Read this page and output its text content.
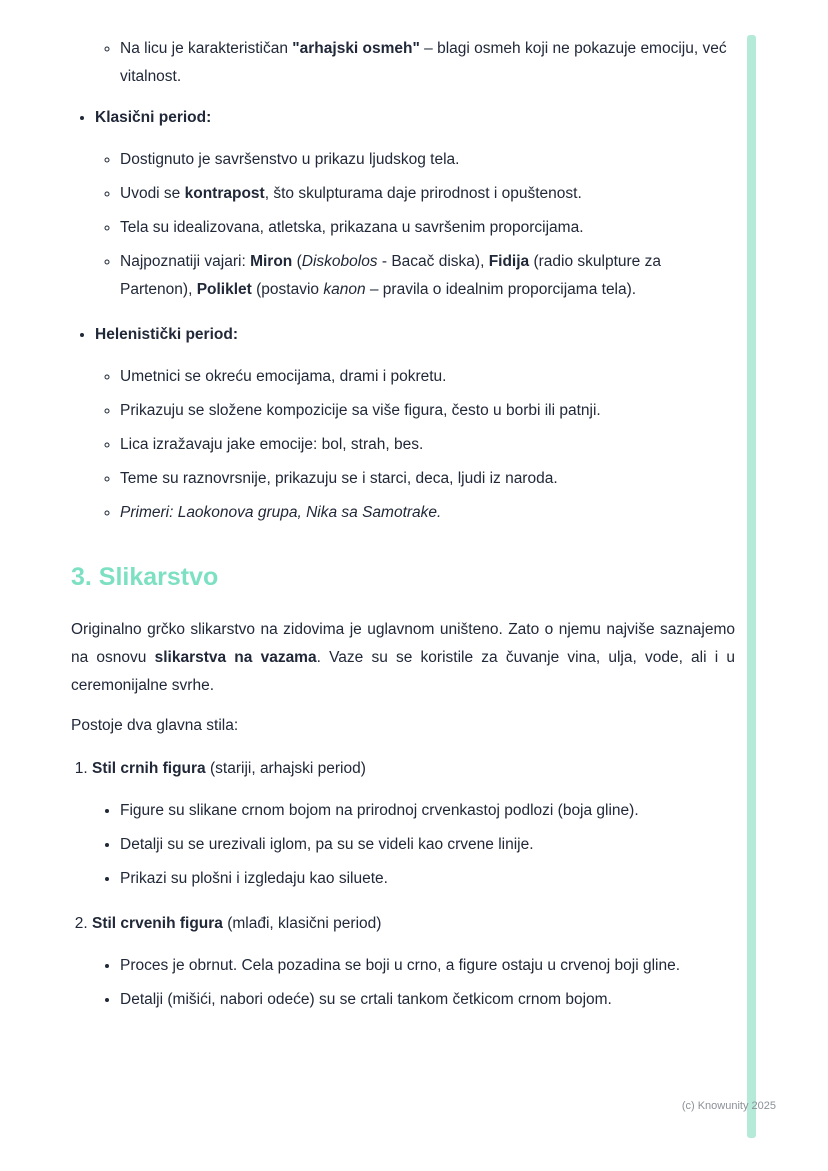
◦ Na licu je karakterističan "arhajski osmeh" – blagi osmeh koji ne pokazuje emociju, već vitalnost.
• Klasični period:
◦ Dostignuto je savršenstvo u prikazu ljudskog tela.
◦ Uvodi se kontrapost, što skulpturama daje prirodnost i opuštenost.
◦ Tela su idealizovana, atletska, prikazana u savršenim proporcijama.
◦ Najpoznatiji vajari: Miron (Diskobolos - Bacač diska), Fidija (radio skulpture za Partenon), Poliklet (postavio kanon – pravila o idealnim proporcijama tela).
• Helenistički period:
◦ Umetnici se okreću emocijama, drami i pokretu.
◦ Prikazuju se složene kompozicije sa više figura, često u borbi ili patnji.
◦ Lica izražavaju jake emocije: bol, strah, bes.
◦ Teme su raznovrsnije, prikazuju se i starci, deca, ljudi iz naroda.
◦ Primeri: Laokonova grupa, Nika sa Samotrake.
3. Slikarstvo

Originalno grčko slikarstvo na zidovima je uglavnom uništeno. Zato o njemu najviše saznajemo na osnovu slikarstva na vazama. Vaze su se koristile za čuvanje vina, ulja, vode, ali i u ceremonijalne svrhe.

Postoje dva glavna stila:

1. Stil crnih figura (stariji, arhajski period)
• Figure su slikane crnom bojom na prirodnoj crvenkastoj podlozi (boja gline).
• Detalji su se urezivali iglom, pa su se videli kao crvene linije.
• Prikazi su plošni i izgledaju kao siluete.
2. Stil crvenih figura (mlađi, klasični period)
• Proces je obrnut. Cela pozadina se boji u crno, a figure ostaju u crvenoj boji gline.
• Detalji (mišići, nabori odeće) su se crtali tankom četkicom crnom bojom.
(c) Knowunity 2025
